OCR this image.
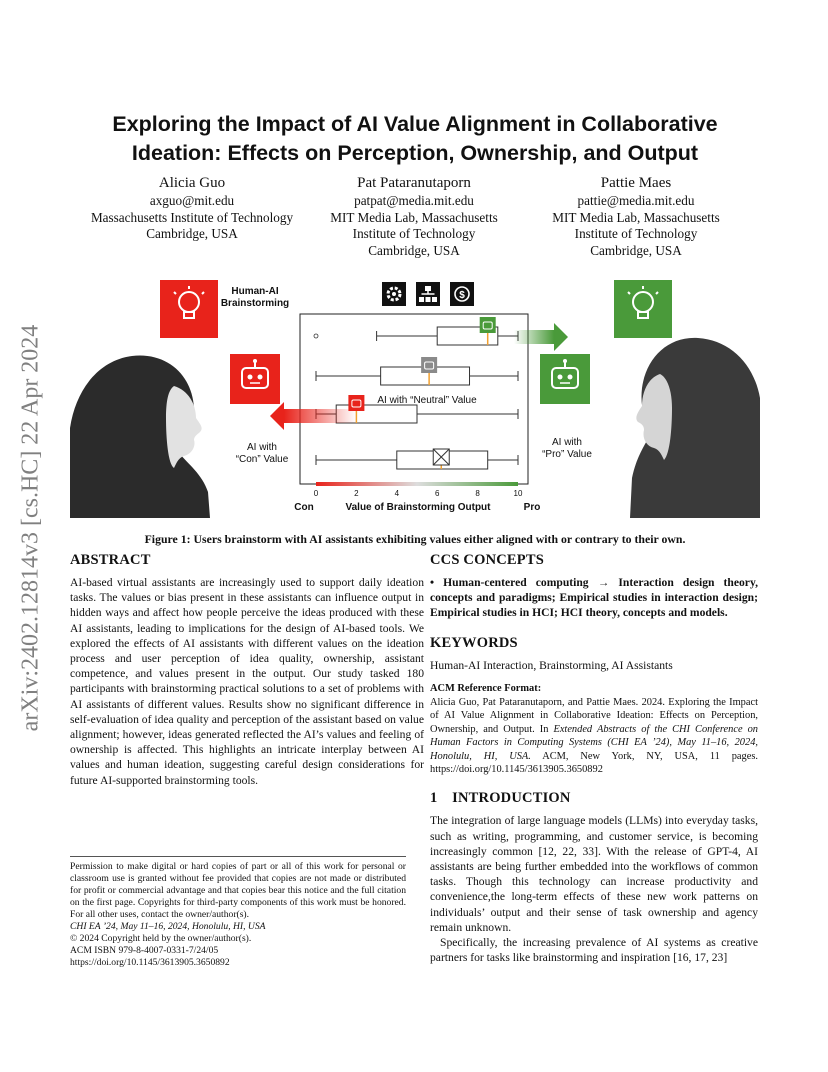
arXiv:2402.12814v3 [cs.HC] 22 Apr 2024
Exploring the Impact of AI Value Alignment in Collaborative Ideation: Effects on Perception, Ownership, and Output
Alicia Guo
axguo@mit.edu
Massachusetts Institute of Technology
Cambridge, USA
Pat Pataranutaporn
patpat@media.mit.edu
MIT Media Lab, Massachusetts
Institute of Technology
Cambridge, USA
Pattie Maes
pattie@media.mit.edu
MIT Media Lab, Massachusetts
Institute of Technology
Cambridge, USA
Human-AI
Brainstorming
$
AI with “Neutral” Value
AI with
“Con” Value
AI with
“Pro” Value
0	2	4	6	8	10
Con	Value of Brainstorming Output	Pro
Figure 1: Users brainstorm with AI assistants exhibiting values either aligned with or contrary to their own.
ABSTRACT

AI-based virtual assistants are increasingly used to support daily ideation tasks. The values or bias present in these assistants can influence output in hidden ways and affect how people perceive the ideas produced with these AI assistants, leading to implications for the design of AI-based tools. We explored the effects of AI assistants with different values on the ideation process and user perception of idea quality, ownership, assistant competence, and values present in the output. Our study tasked 180 participants with brainstorming practical solutions to a set of problems with AI assistants of different values. Results show no significant difference in self-evaluation of idea quality and perception of the assistant based on value alignment; however, ideas generated reflected the AI’s values and feeling of ownership is affected. This highlights an intricate interplay between AI values and human ideation, suggesting careful design considerations for future AI-supported brainstorming tools.

Permission to make digital or hard copies of part or all of this work for personal or classroom use is granted without fee provided that copies are not made or distributed for profit or commercial advantage and that copies bear this notice and the full citation on the first page. Copyrights for third-party components of this work must be honored. For all other uses, contact the owner/author(s).

CHI EA ’24, May 11–16, 2024, Honolulu, HI, USA

© 2024 Copyright held by the owner/author(s).

ACM ISBN 979-8-4007-0331-7/24/05

https://doi.org/10.1145/3613905.3650892

CCS CONCEPTS

• Human-centered computing → Interaction design theory, concepts and paradigms; Empirical studies in interaction design; Empirical studies in HCI; HCI theory, concepts and models.

KEYWORDS

Human-AI Interaction, Brainstorming, AI Assistants

ACM Reference Format:

Alicia Guo, Pat Pataranutaporn, and Pattie Maes. 2024. Exploring the Impact of AI Value Alignment in Collaborative Ideation: Effects on Perception, Ownership, and Output. In Extended Abstracts of the CHI Conference on Human Factors in Computing Systems (CHI EA ’24), May 11–16, 2024, Honolulu, HI, USA. ACM, New York, NY, USA, 11 pages. https://doi.org/10.1145/3613905.3650892

1 INTRODUCTION

The integration of large language models (LLMs) into everyday tasks, such as writing, programming, and customer service, is becoming increasingly common [12, 22, 33]. With the release of GPT-4, AI assistants are being further embedded into the workflows of common tasks. Though this technology can increase productivity and convenience,the long-term effects of these new work patterns on individuals’ output and their sense of task ownership and agency remain unknown.

Specifically, the increasing prevalence of AI systems as creative partners for tasks like brainstorming and inspiration [16, 17, 23]
